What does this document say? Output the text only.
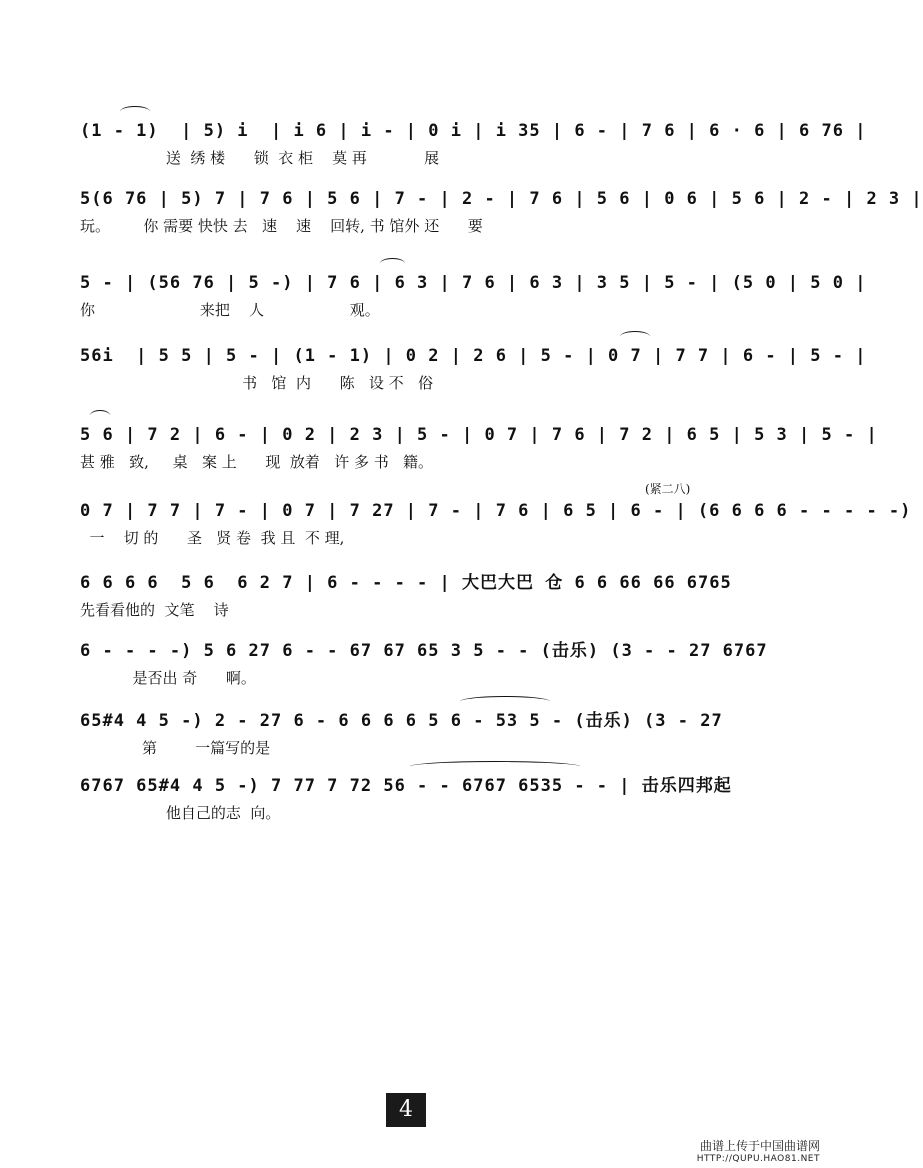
(1 - 1)  | 5) i  | i 6 | i - | 0 i | i 35 | 6 - | 7 6 | 6 · 6 | 6 76 |
送  绣 楼      锁  衣 柜    莫 再            展
5(6 76 | 5) 7 | 7 6 | 5 6 | 7 - | 2 - | 7 6 | 5 6 | 0 6 | 5 6 | 2 - | 2 3 |
玩。       你 需要 快快 去   速    速    回转, 书 馆外 还      要
5 - | (56 76 | 5 -) | 7 6 | 6 3 | 7 6 | 6 3 | 3 5 | 5 - | (5 0 | 5 0 |
你                      来把    人                  观。
56i  | 5 5 | 5 - | (1 - 1) | 0 2 | 2 6 | 5 - | 0 7 | 7 7 | 6 - | 5 - |
书   馆  内      陈   设 不   俗
5 6 | 7 2 | 6 - | 0 2 | 2 3 | 5 - | 0 7 | 7 6 | 7 2 | 6 5 | 5 3 | 5 - |
甚 雅   致,     桌   案 上      现  放着   许 多 书   籍。
(紧二八)
0 7 | 7 7 | 7 - | 0 7 | 7 27 | 7 - | 7 6 | 6 5 | 6 - | (6 6 6 6 - - - - -)
一    切 的      圣   贤 卷  我 且  不 理,
6 6 6 6  5 6  6 2 7 | 6 - - - - | 大巴大巴 仓 6 6 66 66 6765
先看看他的  文笔    诗
6 - - - -) 5 6 27 6 - - 67 67 65 3 5 - - (击乐) (3 - - 27 6767
是否出 奇      啊。
65#4 4 5 -) 2 - 27 6 - 6 6 6 6 5 6 - 53 5 - (击乐) (3 - 27
第        一篇写的是
6767 65#4 4 5 -) 7 77 7 72 56 - - 6767 6535 - - | 击乐四邦起
他自己的志  向。
4
曲谱上传于中国曲谱网
HTTP://QUPU.HAO81.NET
